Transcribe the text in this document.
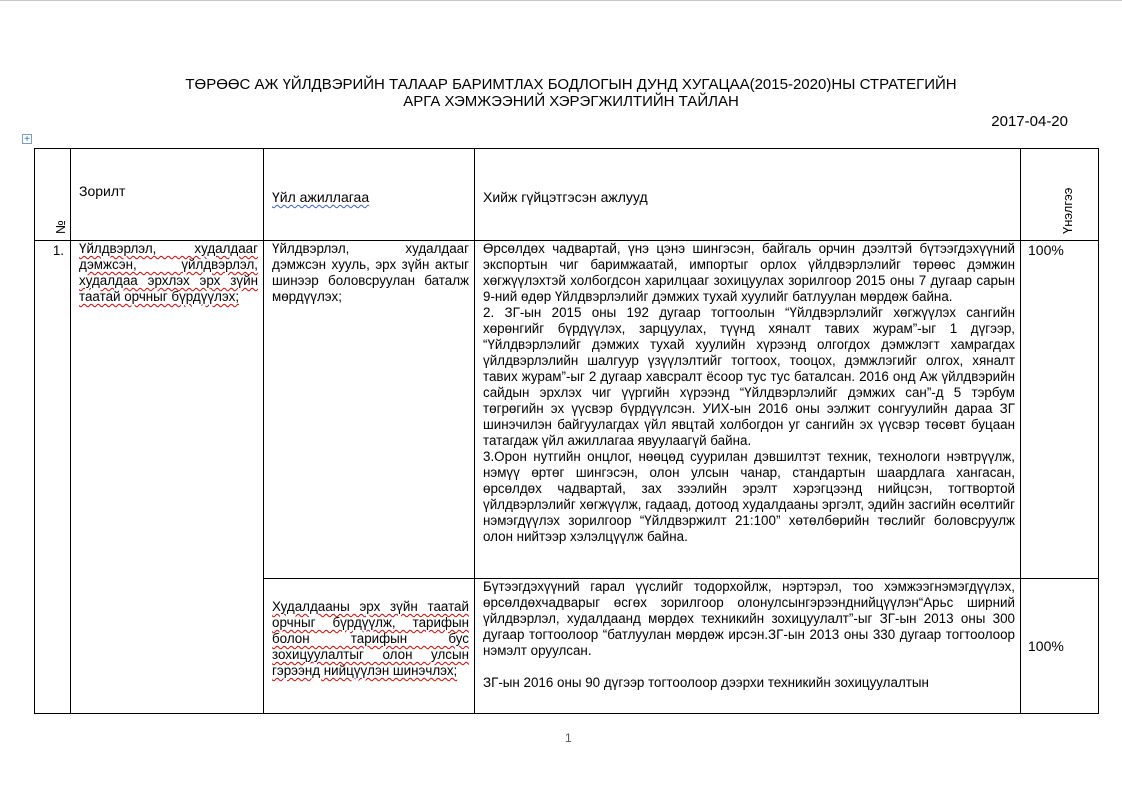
ТӨРӨӨС АЖ ҮЙЛДВЭРИЙН ТАЛААР БАРИМТЛАХ БОДЛОГЫН ДУНД ХУГАЦАА(2015-2020)НЫ СТРАТЕГИЙН
АРГА ХЭМЖЭЭНИЙ ХЭРЭГЖИЛТИЙН ТАЙЛАН
2017-04-20
+
№	Зорилт	Үйл ажиллагаа	Хийж гүйцэтгэсэн ажлууд	Үнэлгээ

1.	Үйлдвэрлэл, худалдааг дэмжсэн, үйлдвэрлэл, худалдаа эрхлэх эрх зүйн таатай орчныг бүрдүүлэх;	Үйлдвэрлэл, худалдааг дэмжсэн хууль, эрх зүйн актыг шинээр боловсруулан баталж мөрдүүлэх;	Өрсөлдөх чадвартай, үнэ цэнэ шингэсэн, байгаль орчин дээлтэй бүтээгдэхүүний экспортын чиг баримжаатай, импортыг орлох үйлдвэрлэлийг төрөөс дэмжин хөгжүүлэхтэй холбогдсон харилцааг зохицуулах зорилгоор 2015 оны 7 дугаар сарын 9-ний өдөр Үйлдвэрлэлийг дэмжих тухай хуулийг батлуулан мөрдөж байна.
2. ЗГ-ын 2015 оны 192 дугаар тогтоолын “Үйлдвэрлэлийг хөгжүүлэх сангийн хөрөнгийг бүрдүүлэх, зарцуулах, түүнд хяналт тавих журам”-ыг 1 дүгээр, “Үйлдвэрлэлийг дэмжих тухай хуулийн хүрээнд олгогдох дэмжлэгт хамрагдах үйлдвэрлэлийн шалгуур үзүүлэлтийг тогтоох, тооцох, дэмжлэгийг олгох, хяналт тавих журам”-ыг 2 дугаар хавсралт ёсоор тус тус баталсан. 2016 онд Аж үйлдвэрийн сайдын эрхлэх чиг үүргийн хүрээнд “Үйлдвэрлэлийг дэмжих сан”-д 5 тэрбум төгрөгийн эх үүсвэр бүрдүүлсэн. УИХ-ын 2016 оны ээлжит сонгуулийн дараа ЗГ шинэчилэн байгуулагдах үйл явцтай холбогдон уг сангийн эх үүсвэр төсөвт буцаан татагдаж үйл ажиллагаа явуулаагүй байна.
3.Орон нутгийн онцлог, нөөцөд суурилан дэвшилтэт техник, технологи нэвтрүүлж, нэмүү өртөг шингэсэн, олон улсын чанар, стандартын шаардлага хангасан, өрсөлдөх чадвартай, зах зээлийн эрэлт хэрэгцээнд нийцсэн, тогтвортой үйлдвэрлэлийг хөгжүүлж, гадаад, дотоод худалдааны эргэлт, эдийн засгийн өсөлтийг нэмэгдүүлэх зорилгоор “Үйлдвэржилт 21:100” хөтөлбөрийн төслийг боловсруулж олон нийтээр хэлэлцүүлж байна.	100%
		Худалдааны эрх зүйн таатай орчныг бүрдүүлж, тарифын болон тарифын бус зохицуулалтыг олон улсын гэрээнд нийцүүлэн шинэчлэх;	Бүтээгдэхүүний гарал үүслийг тодорхойлж, нэртэрэл, тоо хэмжээгнэмэгдүүлэх, өрсөлдөхчадварыг өсгөх зорилгоор олонулсынгэрээнднийцүүлэн“Арьс ширний үйлдвэрлэл, худалдаанд мөрдөх техникийн зохицуулалт”-ыг ЗГ-ын 2013 оны 300 дугаар тогтоолоор “батлуулан мөрдөж ирсэн.ЗГ-ын 2013 оны 330 дугаар тогтоолоор нэмэлт оруулсан.
ЗГ-ын 2016 оны 90 дүгээр тогтоолоор дээрхи техникийн зохицуулалтын	100%
1
